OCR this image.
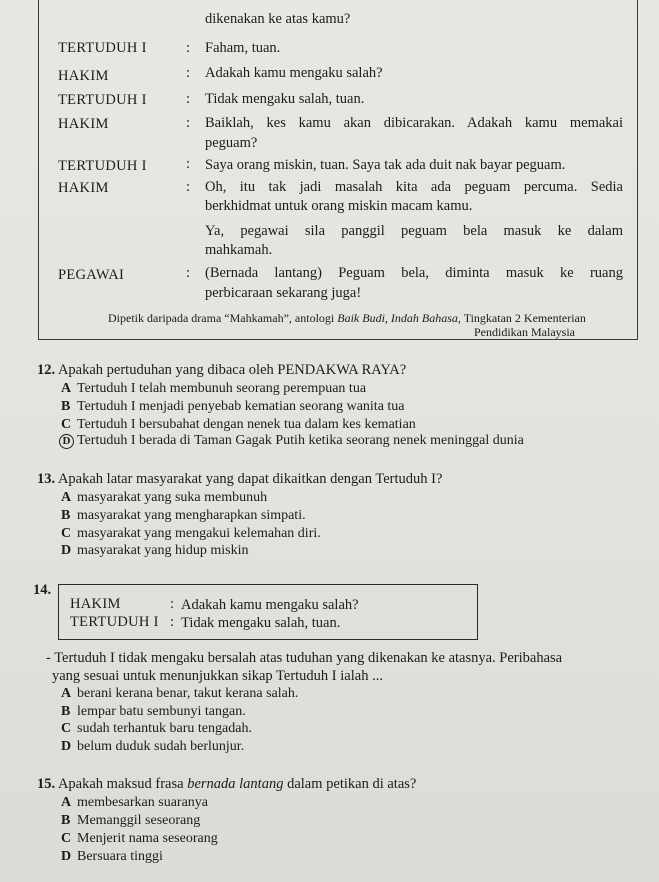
dikenakan ke atas kamu?
TERTUDUH I	: Faham, tuan.
HAKIM	: Adakah kamu mengaku salah?
TERTUDUH I	: Tidak mengaku salah, tuan.
HAKIM	: Baiklah, kes kamu akan dibicarakan. Adakah kamu memakai
peguam?
TERTUDUH I	: Saya orang miskin, tuan. Saya tak ada duit nak bayar peguam.
HAKIM	: Oh, itu tak jadi masalah kita ada peguam percuma. Sedia
berkhidmat untuk orang miskin macam kamu.
Ya, pegawai sila panggil peguam bela masuk ke dalam
mahkamah.
PEGAWAI	: (Bernada lantang) Peguam bela, diminta masuk ke ruang
perbicaraan sekarang juga!
Dipetik daripada drama “Mahkamah”, antologi Baik Budi, Indah Bahasa, Tingkatan 2 Kementerian
Pendidikan Malaysia
12. Apakah pertuduhan yang dibaca oleh PENDAKWA RAYA?
A Tertuduh I telah membunuh seorang perempuan tua
B Tertuduh I menjadi penyebab kematian seorang wanita tua
C Tertuduh I bersubahat dengan nenek tua dalam kes kematian
D Tertuduh I berada di Taman Gagak Putih ketika seorang nenek meninggal dunia
13. Apakah latar masyarakat yang dapat dikaitkan dengan Tertuduh I?
A masyarakat yang suka membunuh
B masyarakat yang mengharapkan simpati.
C masyarakat yang mengakui kelemahan diri.
D masyarakat yang hidup miskin
14.
HAKIM	: Adakah kamu mengaku salah?
TERTUDUH I : Tidak mengaku salah, tuan.
- Tertuduh I tidak mengaku bersalah atas tuduhan yang dikenakan ke atasnya. Peribahasa
yang sesuai untuk menunjukkan sikap Tertuduh I ialah ...
A berani kerana benar, takut kerana salah.
B lempar batu sembunyi tangan.
C sudah terhantuk baru tengadah.
D belum duduk sudah berlunjur.
15. Apakah maksud frasa bernada lantang dalam petikan di atas?
A membesarkan suaranya
B Memanggil seseorang
C Menjerit nama seseorang
D Bersuara tinggi
